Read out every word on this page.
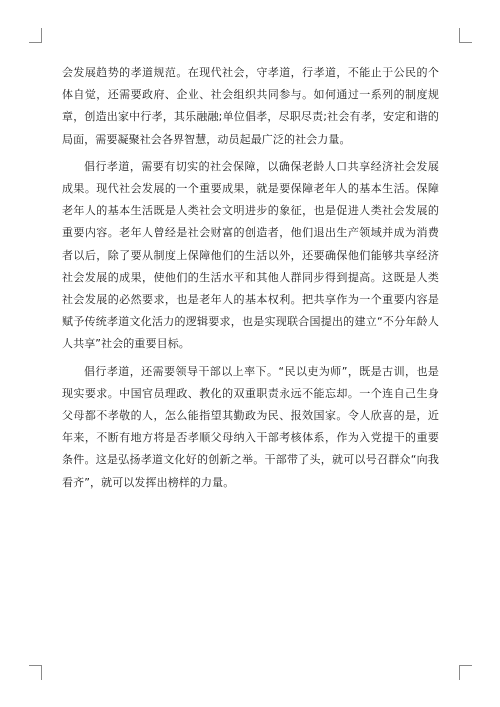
会发展趋势的孝道规范。在现代社会，守孝道，行孝道，不能止于公民的个体自觉，还需要政府、企业、社会组织共同参与。如何通过一系列的制度规章，创造出家中行孝，其乐融融;单位倡孝，尽职尽责;社会有孝，安定和谐的局面，需要凝聚社会各界智慧，动员起最广泛的社会力量。

倡行孝道，需要有切实的社会保障，以确保老龄人口共享经济社会发展成果。现代社会发展的一个重要成果，就是要保障老年人的基本生活。保障老年人的基本生活既是人类社会文明进步的象征，也是促进人类社会发展的重要内容。老年人曾经是社会财富的创造者，他们退出生产领域并成为消费者以后，除了要从制度上保障他们的生活以外，还要确保他们能够共享经济社会发展的成果，使他们的生活水平和其他人群同步得到提高。这既是人类社会发展的必然要求，也是老年人的基本权利。把共享作为一个重要内容是赋予传统孝道文化活力的逻辑要求，也是实现联合国提出的建立“不分年龄人人共享”社会的重要目标。

倡行孝道，还需要领导干部以上率下。“民以吏为师”，既是古训，也是现实要求。中国官员理政、教化的双重职责永远不能忘却。一个连自己生身父母都不孝敬的人，怎么能指望其勤政为民、报效国家。令人欣喜的是，近年来，不断有地方将是否孝顺父母纳入干部考核体系，作为入党提干的重要条件。这是弘扬孝道文化好的创新之举。干部带了头，就可以号召群众“向我看齐”，就可以发挥出榜样的力量。
